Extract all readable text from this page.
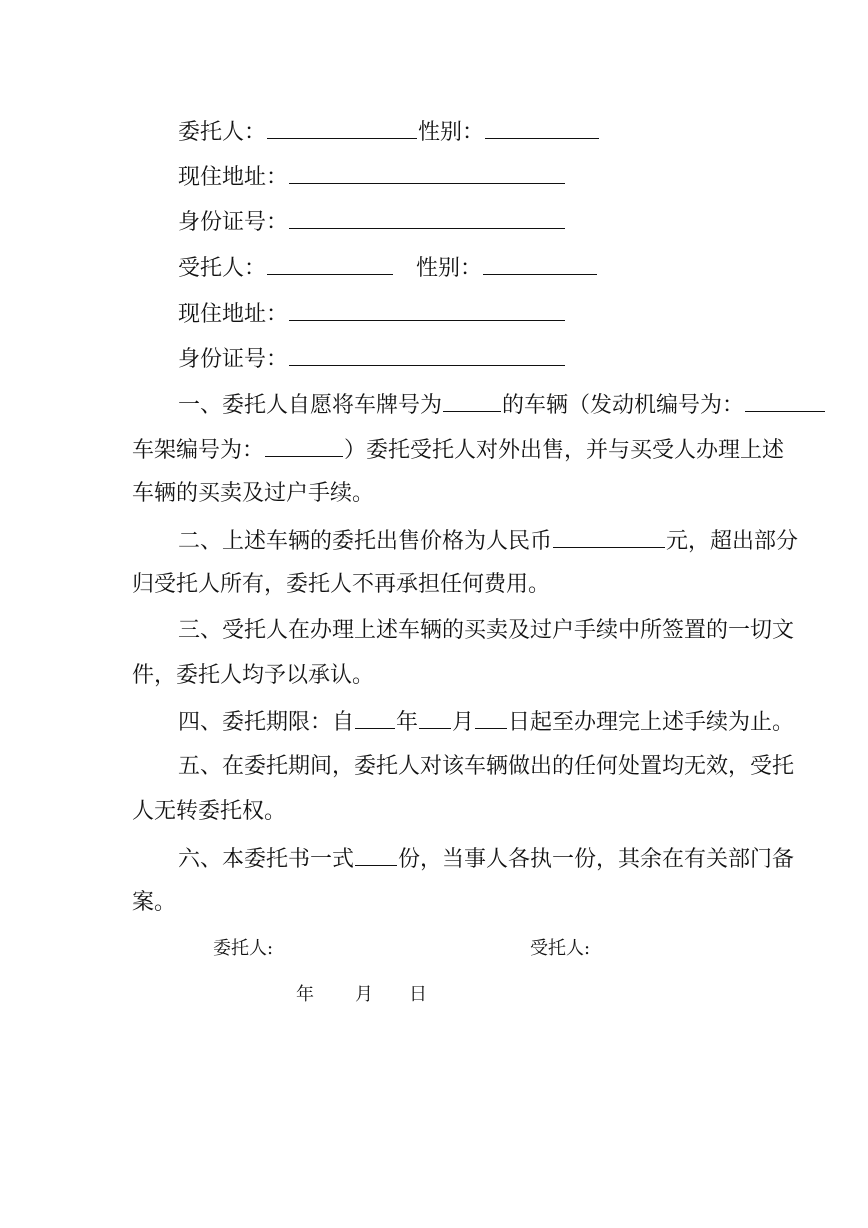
委托人：	性别：
现住地址：
身份证号：
受托人：	性别：
现住地址：
身份证号：
一、委托人自愿将车牌号为	的车辆（发动机编号为：
车架编号为：	）委托受托人对外出售，并与买受人办理上述
车辆的买卖及过户手续。
二、上述车辆的委托出售价格为人民币	元，超出部分
归受托人所有，委托人不再承担任何费用。
三、受托人在办理上述车辆的买卖及过户手续中所签置的一切文
件，委托人均予以承认。
四、委托期限：自 年 月 日起至办理完上述手续为止。
五、在委托期间，委托人对该车辆做出的任何处置均无效，受托
人无转委托权。
六、本委托书一式 份，当事人各执一份，其余在有关部门备
案。
委托人:	受托人:
年 月 日
